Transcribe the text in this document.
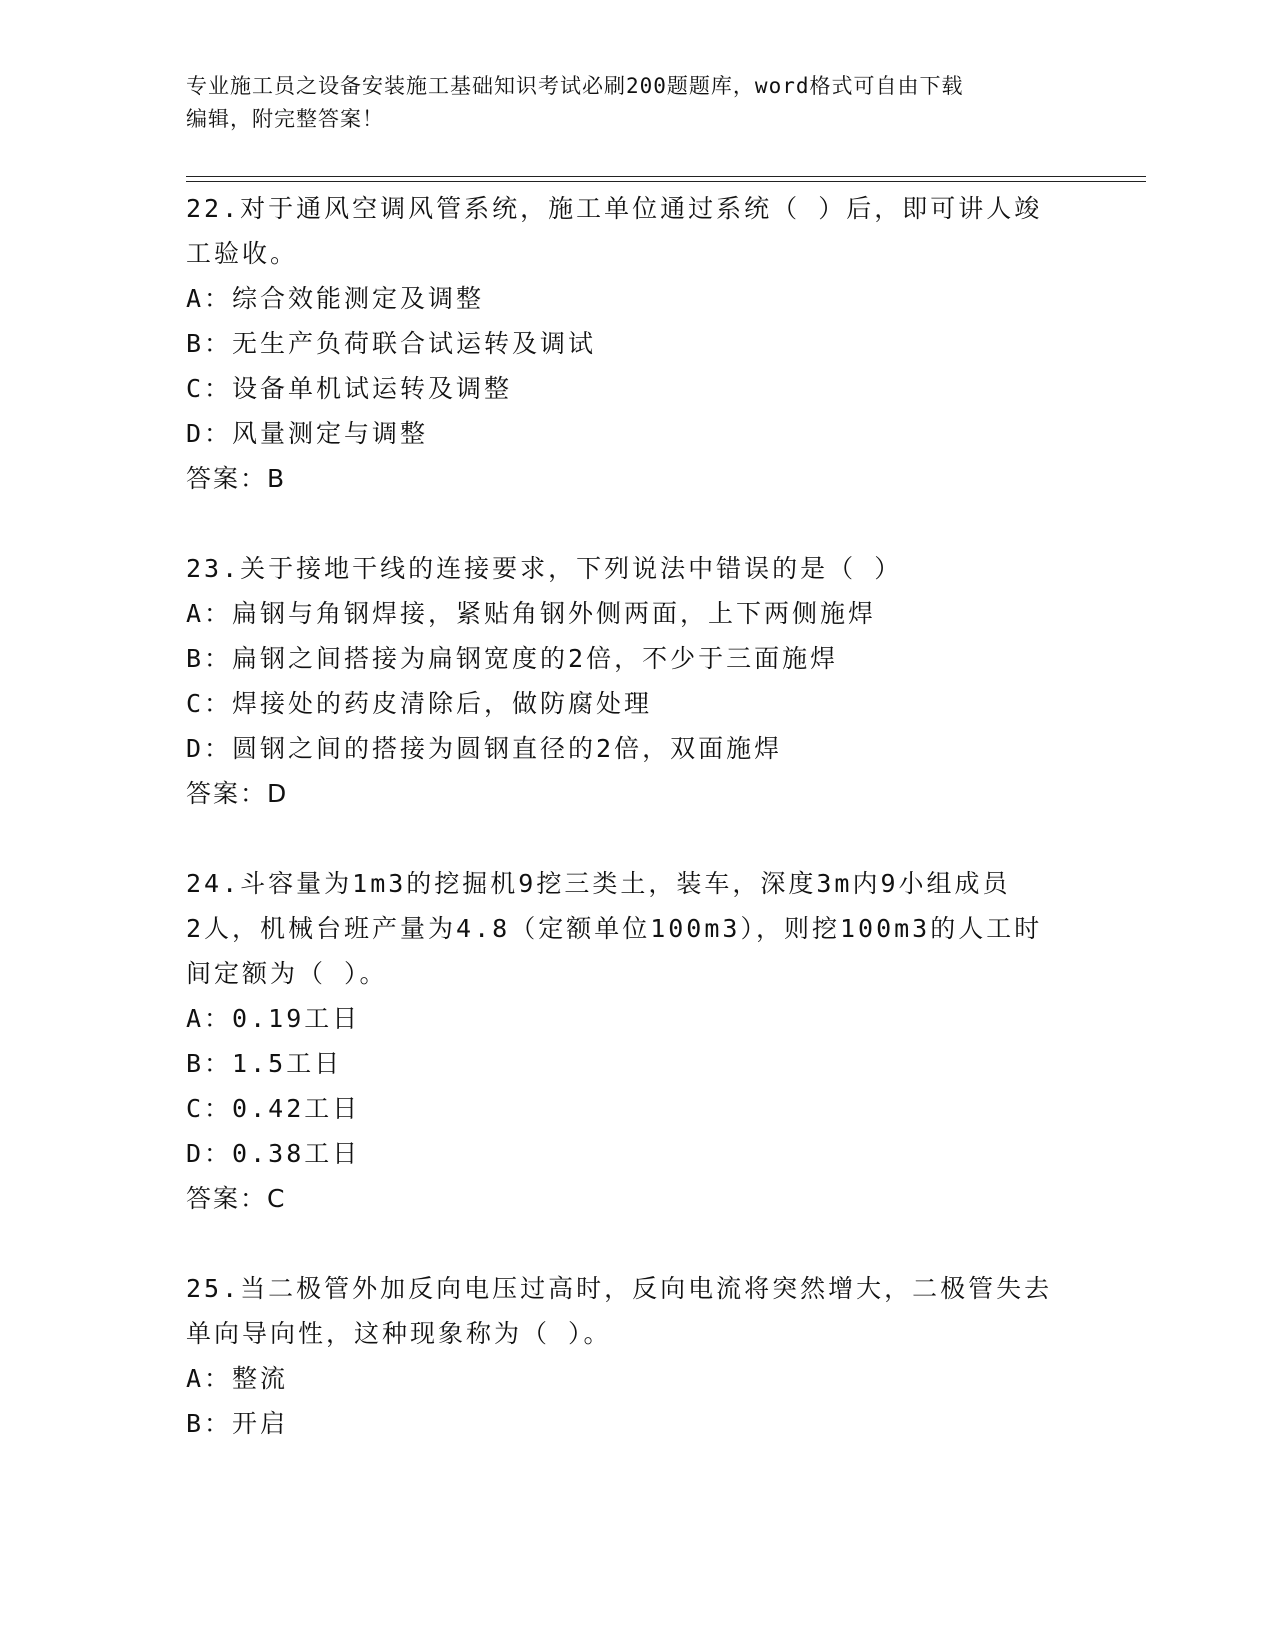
专业施工员之设备安装施工基础知识考试必刷200题题库，word格式可自由下载
编辑，附完整答案！
22.对于通风空调风管系统，施工单位通过系统（ ）后，即可讲人竣
工验收。
A：综合效能测定及调整
B：无生产负荷联合试运转及调试
C：设备单机试运转及调整
D：风量测定与调整
答案：B
23.关于接地干线的连接要求，下列说法中错误的是（ ）
A：扁钢与角钢焊接，紧贴角钢外侧两面，上下两侧施焊
B：扁钢之间搭接为扁钢宽度的2倍，不少于三面施焊
C：焊接处的药皮清除后，做防腐处理
D：圆钢之间的搭接为圆钢直径的2倍，双面施焊
答案：D
24.斗容量为1m3的挖掘机9挖三类土，装车，深度3m内9小组成员
2人，机械台班产量为4.8（定额单位100m3），则挖100m3的人工时
间定额为（ ）。
A：0.19工日
B：1.5工日
C：0.42工日
D：0.38工日
答案：C
25.当二极管外加反向电压过高时，反向电流将突然增大，二极管失去
单向导向性，这种现象称为（ ）。
A：整流
B：开启
